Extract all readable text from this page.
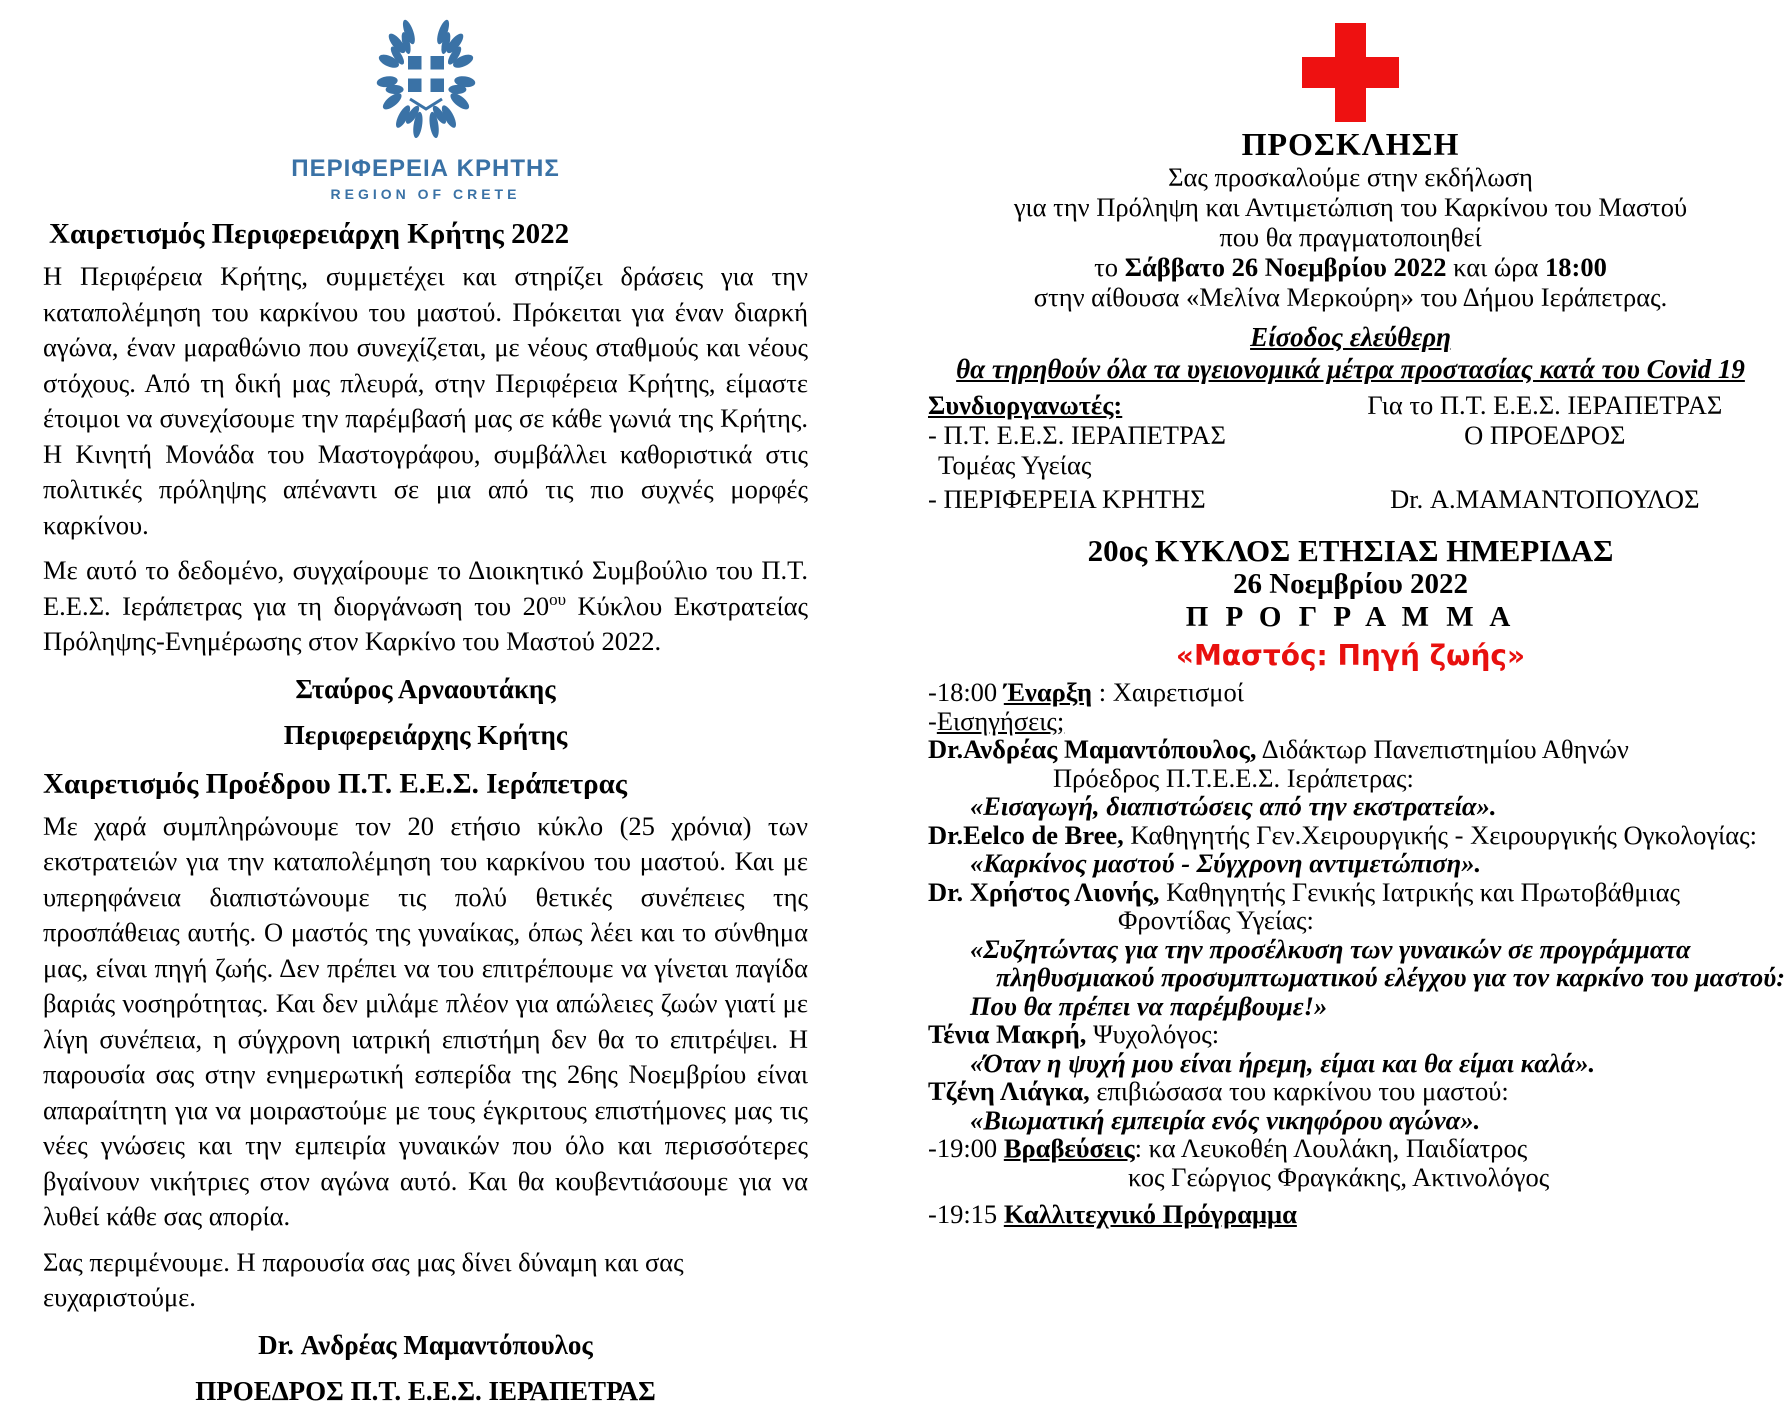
ΠΕΡΙΦΕΡΕΙΑ ΚΡΗΤΗΣ
REGION OF CRETE
Χαιρετισμός Περιφερειάρχη Κρήτης 2022

Η Περιφέρεια Κρήτης, συμμετέχει και στηρίζει δράσεις για την καταπολέμηση του καρκίνου του μαστού. Πρόκειται για έναν διαρκή αγώνα, έναν μαραθώνιο που συνεχίζεται, με νέους σταθμούς και νέους στόχους. Από τη δική μας πλευρά, στην Περιφέρεια Κρήτης, είμαστε έτοιμοι να συνεχίσουμε την παρέμβασή μας σε κάθε γωνιά της Κρήτης. Η Κινητή Μονάδα του Μαστογράφου, συμβάλλει καθοριστικά στις πολιτικές πρόληψης απέναντι σε μια από τις πιο συχνές μορφές καρκίνου.

Με αυτό το δεδομένο, συγχαίρουμε το Διοικητικό Συμβούλιο του Π.Τ. Ε.Ε.Σ. Ιεράπετρας για τη διοργάνωση του $20^{o\upsilon}$ Κύκλου Εκστρατείας Πρόληψης-Ενημέρωσης στον Καρκίνο του Μαστού 2022.

Σταύρος Αρναουτάκης
Περιφερειάρχης Κρήτης
Χαιρετισμός Προέδρου Π.Τ. Ε.Ε.Σ. Ιεράπετρας

Με χαρά συμπληρώνουμε τον 20 ετήσιο κύκλο (25 χρόνια) των εκστρατειών για την καταπολέμηση του καρκίνου του μαστού. Και με υπερηφάνεια διαπιστώνουμε τις πολύ θετικές συνέπειες της προσπάθειας αυτής. Ο μαστός της γυναίκας, όπως λέει και το σύνθημα μας, είναι πηγή ζωής. Δεν πρέπει να του επιτρέπουμε να γίνεται παγίδα βαριάς νοσηρότητας. Και δεν μιλάμε πλέον για απώλειες ζωών γιατί με λίγη συνέπεια, η σύγχρονη ιατρική επιστήμη δεν θα το επιτρέψει. Η παρουσία σας στην ενημερωτική εσπερίδα της 26ης Νοεμβρίου είναι απαραίτητη για να μοιραστούμε με τους έγκριτους επιστήμονες μας τις νέες γνώσεις και την εμπειρία γυναικών που όλο και περισσότερες βγαίνουν νικήτριες στον αγώνα αυτό. Και θα κουβεντιάσουμε για να λυθεί κάθε σας απορία.

Σας περιμένουμε. Η παρουσία σας μας δίνει δύναμη και σας ευχαριστούμε.

Dr. Ανδρέας Μαμαντόπουλος
ΠΡΟΕΔΡΟΣ Π.Τ. Ε.Ε.Σ. ΙΕΡΑΠΕΤΡΑΣ
ΠΡΟΣΚΛΗΣΗ
Σας προσκαλούμε στην εκδήλωση
για την Πρόληψη και Αντιμετώπιση του Καρκίνου του Μαστού
που θα πραγματοποιηθεί
το Σάββατο 26 Νοεμβρίου 2022 και ώρα 18:00
στην αίθουσα «Μελίνα Μερκούρη» του Δήμου Ιεράπετρας.
Είσοδος ελεύθερη
θα τηρηθούν όλα τα υγειονομικά μέτρα προστασίας κατά του Covid 19
Συνδιοργανωτές:
- Π.Τ. Ε.Ε.Σ. ΙΕΡΑΠΕΤΡΑΣ
Τομέας Υγείας
- ΠΕΡΙΦΕΡΕΙΑ ΚΡΗΤΗΣ
Για το Π.Τ. Ε.Ε.Σ. ΙΕΡΑΠΕΤΡΑΣ
Ο ΠΡΟΕΔΡΟΣ
Dr. Α.ΜΑΜΑΝΤΟΠΟΥΛΟΣ
20ος ΚΥΚΛΟΣ ΕΤΗΣΙΑΣ ΗΜΕΡΙΔΑΣ
26 Νοεμβρίου 2022
Π Ρ Ο Γ Ρ Α Μ Μ Α
«Μαστός: Πηγή ζωής»
-18:00 Έναρξη : Χαιρετισμοί
-Εισηγήσεις;
Dr.Ανδρέας Μαμαντόπουλος, Διδάκτωρ Πανεπιστημίου Αθηνών
Πρόεδρος Π.Τ.Ε.Ε.Σ. Ιεράπετρας:
«Εισαγωγή, διαπιστώσεις από την εκστρατεία».
Dr.Eelco de Bree, Καθηγητής Γεν.Χειρουργικής - Χειρουργικής Ογκολογίας:
«Καρκίνος μαστού - Σύγχρονη αντιμετώπιση».
Dr. Χρήστος Λιονής, Καθηγητής Γενικής Ιατρικής και Πρωτοβάθμιας
Φροντίδας Υγείας:
«Συζητώντας για την προσέλκυση των γυναικών σε προγράμματα
πληθυσμιακού προσυμπτωματικού ελέγχου για τον καρκίνο του μαστού:
Που θα πρέπει να παρέμβουμε!»
Τένια Μακρή, Ψυχολόγος:
«Όταν η ψυχή μου είναι ήρεμη, είμαι και θα είμαι καλά».
Τζένη Λιάγκα, επιβιώσασα του καρκίνου του μαστού:
«Βιωματική εμπειρία ενός νικηφόρου αγώνα».
-19:00 Βραβεύσεις: κα Λευκοθέη Λουλάκη, Παιδίατρος
κος Γεώργιος Φραγκάκης, Ακτινολόγος
-19:15 Καλλιτεχνικό Πρόγραμμα
